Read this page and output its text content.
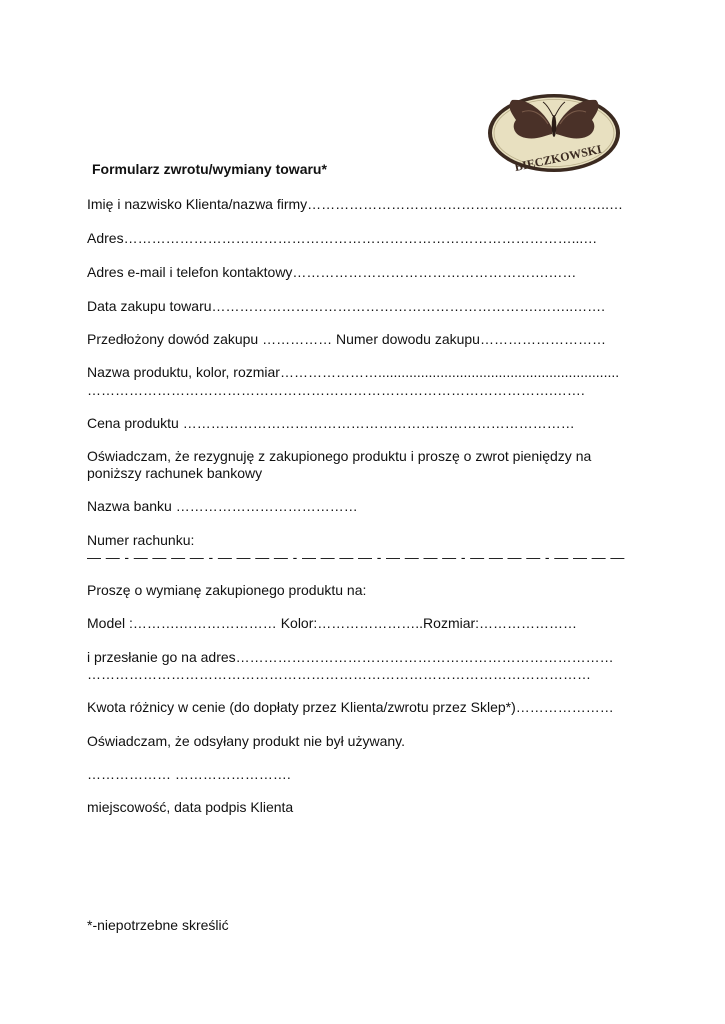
BIECZKOWSKI
Formularz zwrotu/wymiany towaru*
Imię i nazwisko Klienta/nazwa firmy………………………………………………………..…
Adres……………………………………………………………………………………...…
Adres e-mail i telefon kontaktowy……………………………………………….……
Data zakupu towaru…………………………………………………………….……..…….
Przedłożony dowód zakupu …………… Numer dowodu zakupu………………………
Nazwa produktu, kolor, rozmiar…………………..............................................................
……………………………………………………………………………………….…….
Cena produktu …………………………………………………………………………
Oświadczam, że rezygnuję z zakupionego produktu i proszę o zwrot pieniędzy na
poniższy rachunek bankowy
Nazwa banku …………………………………
Numer rachunku:
— — - — — — — - — — — — - — — — — - — — — — - — — — — - — — — —
Proszę o wymianę zakupionego produktu na:
Model :……….………………… Kolor:…………………..Rozmiar:…………………
i przesłanie go na adres………………………………………………………………………
………………………………………………………………………………………………
Kwota różnicy w cenie (do dopłaty przez Klienta/zwrotu przez Sklep*)…………………
Oświadczam, że odsyłany produkt nie był używany.
……………… …………………….
miejscowość, data podpis Klienta
*-niepotrzebne skreślić
